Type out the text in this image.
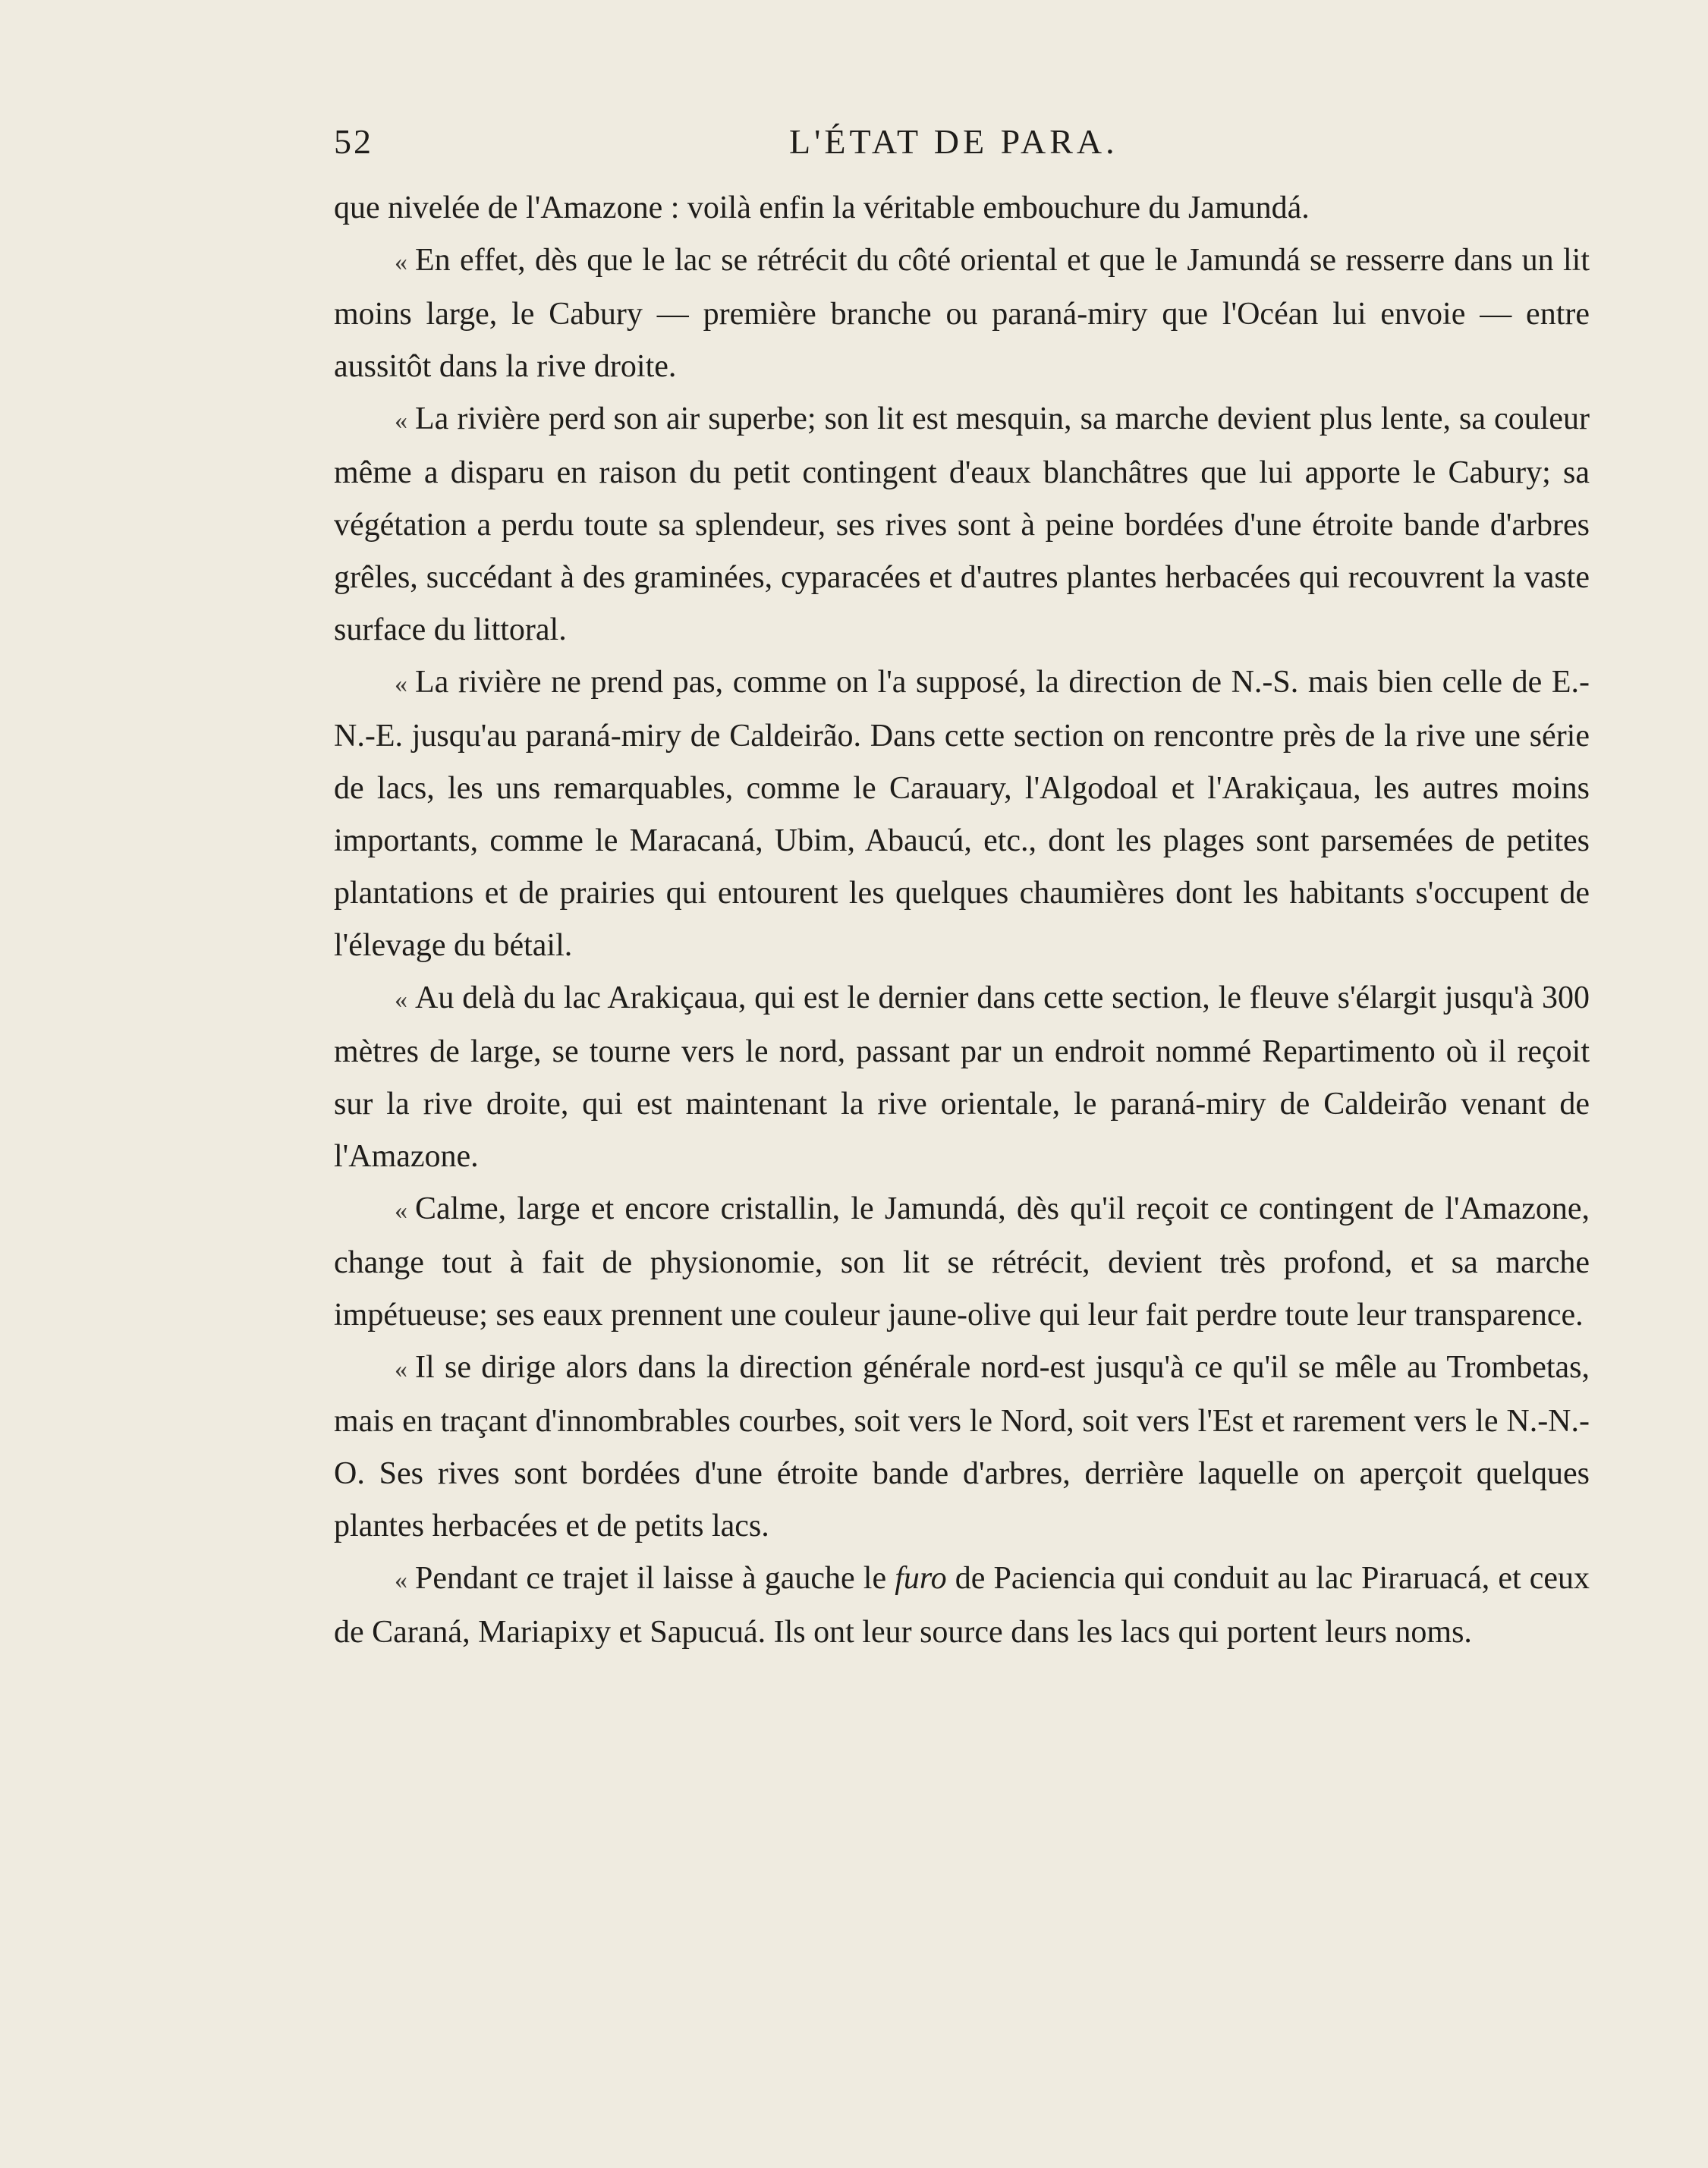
52	L'ÉTAT DE PARA.

que nivelée de l'Amazone : voilà enfin la véritable embouchure du Jamundá.

« En effet, dès que le lac se rétrécit du côté oriental et que le Jamundá se resserre dans un lit moins large, le Cabury — première branche ou paraná-miry que l'Océan lui envoie — entre aussitôt dans la rive droite.

« La rivière perd son air superbe; son lit est mesquin, sa marche devient plus lente, sa couleur même a disparu en raison du petit contingent d'eaux blanchâtres que lui apporte le Cabury; sa végétation a perdu toute sa splendeur, ses rives sont à peine bordées d'une étroite bande d'arbres grêles, succédant à des graminées, cyparacées et d'autres plantes herbacées qui recouvrent la vaste surface du littoral.

« La rivière ne prend pas, comme on l'a supposé, la direction de N.-S. mais bien celle de E.-N.-E. jusqu'au paraná-miry de Caldeirão. Dans cette section on rencontre près de la rive une série de lacs, les uns remarquables, comme le Carauary, l'Algodoal et l'Arakiçaua, les autres moins importants, comme le Maracaná, Ubim, Abaucú, etc., dont les plages sont parsemées de petites plantations et de prairies qui entourent les quelques chaumières dont les habitants s'occupent de l'élevage du bétail.

« Au delà du lac Arakiçaua, qui est le dernier dans cette section, le fleuve s'élargit jusqu'à 300 mètres de large, se tourne vers le nord, passant par un endroit nommé Repartimento où il reçoit sur la rive droite, qui est maintenant la rive orientale, le paraná-miry de Caldeirão venant de l'Amazone.

« Calme, large et encore cristallin, le Jamundá, dès qu'il reçoit ce contingent de l'Amazone, change tout à fait de physionomie, son lit se rétrécit, devient très profond, et sa marche impétueuse; ses eaux prennent une couleur jaune-olive qui leur fait perdre toute leur transparence.

« Il se dirige alors dans la direction générale nord-est jusqu'à ce qu'il se mêle au Trombetas, mais en traçant d'innombrables courbes, soit vers le Nord, soit vers l'Est et rarement vers le N.-N.-O. Ses rives sont bordées d'une étroite bande d'arbres, derrière laquelle on aperçoit quelques plantes herbacées et de petits lacs.

« Pendant ce trajet il laisse à gauche le furo de Paciencia qui conduit au lac Piraruacá, et ceux de Caraná, Mariapixy et Sapucuá. Ils ont leur source dans les lacs qui portent leurs noms.
